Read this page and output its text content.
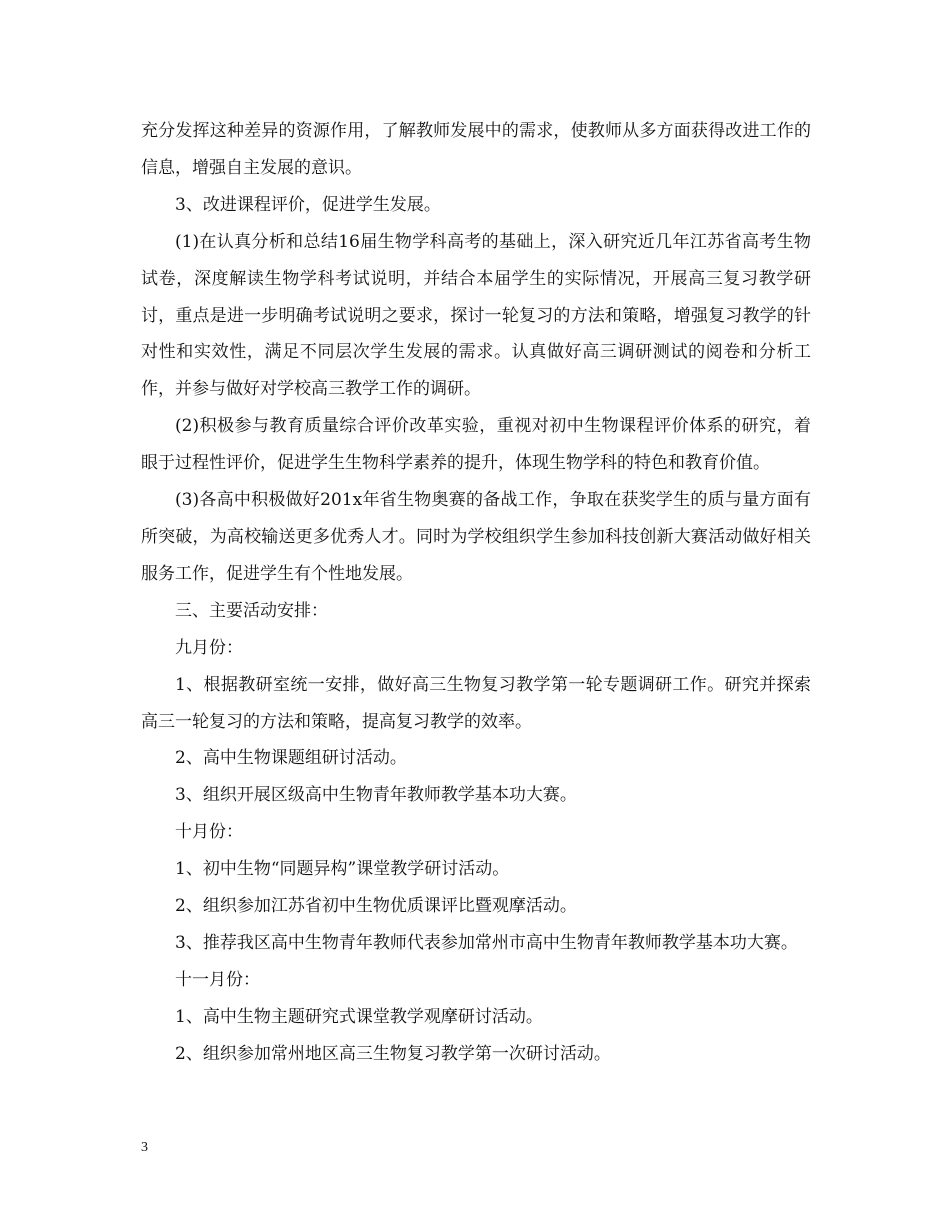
充分发挥这种差异的资源作用，了解教师发展中的需求，使教师从多方面获得改进工作的信息，增强自主发展的意识。

3、改进课程评价，促进学生发展。

(1)在认真分析和总结16届生物学科高考的基础上，深入研究近几年江苏省高考生物试卷，深度解读生物学科考试说明，并结合本届学生的实际情况，开展高三复习教学研讨，重点是进一步明确考试说明之要求，探讨一轮复习的方法和策略，增强复习教学的针对性和实效性，满足不同层次学生发展的需求。认真做好高三调研测试的阅卷和分析工作，并参与做好对学校高三教学工作的调研。

(2)积极参与教育质量综合评价改革实验，重视对初中生物课程评价体系的研究，着眼于过程性评价，促进学生生物科学素养的提升，体现生物学科的特色和教育价值。

(3)各高中积极做好201x年省生物奥赛的备战工作，争取在获奖学生的质与量方面有所突破，为高校输送更多优秀人才。同时为学校组织学生参加科技创新大赛活动做好相关服务工作，促进学生有个性地发展。

三、主要活动安排：

九月份：

1、根据教研室统一安排，做好高三生物复习教学第一轮专题调研工作。研究并探索高三一轮复习的方法和策略，提高复习教学的效率。

2、高中生物课题组研讨活动。

3、组织开展区级高中生物青年教师教学基本功大赛。

十月份：

1、初中生物“同题异构”课堂教学研讨活动。

2、组织参加江苏省初中生物优质课评比暨观摩活动。

3、推荐我区高中生物青年教师代表参加常州市高中生物青年教师教学基本功大赛。

十一月份：

1、高中生物主题研究式课堂教学观摩研讨活动。

2、组织参加常州地区高三生物复习教学第一次研讨活动。

3
